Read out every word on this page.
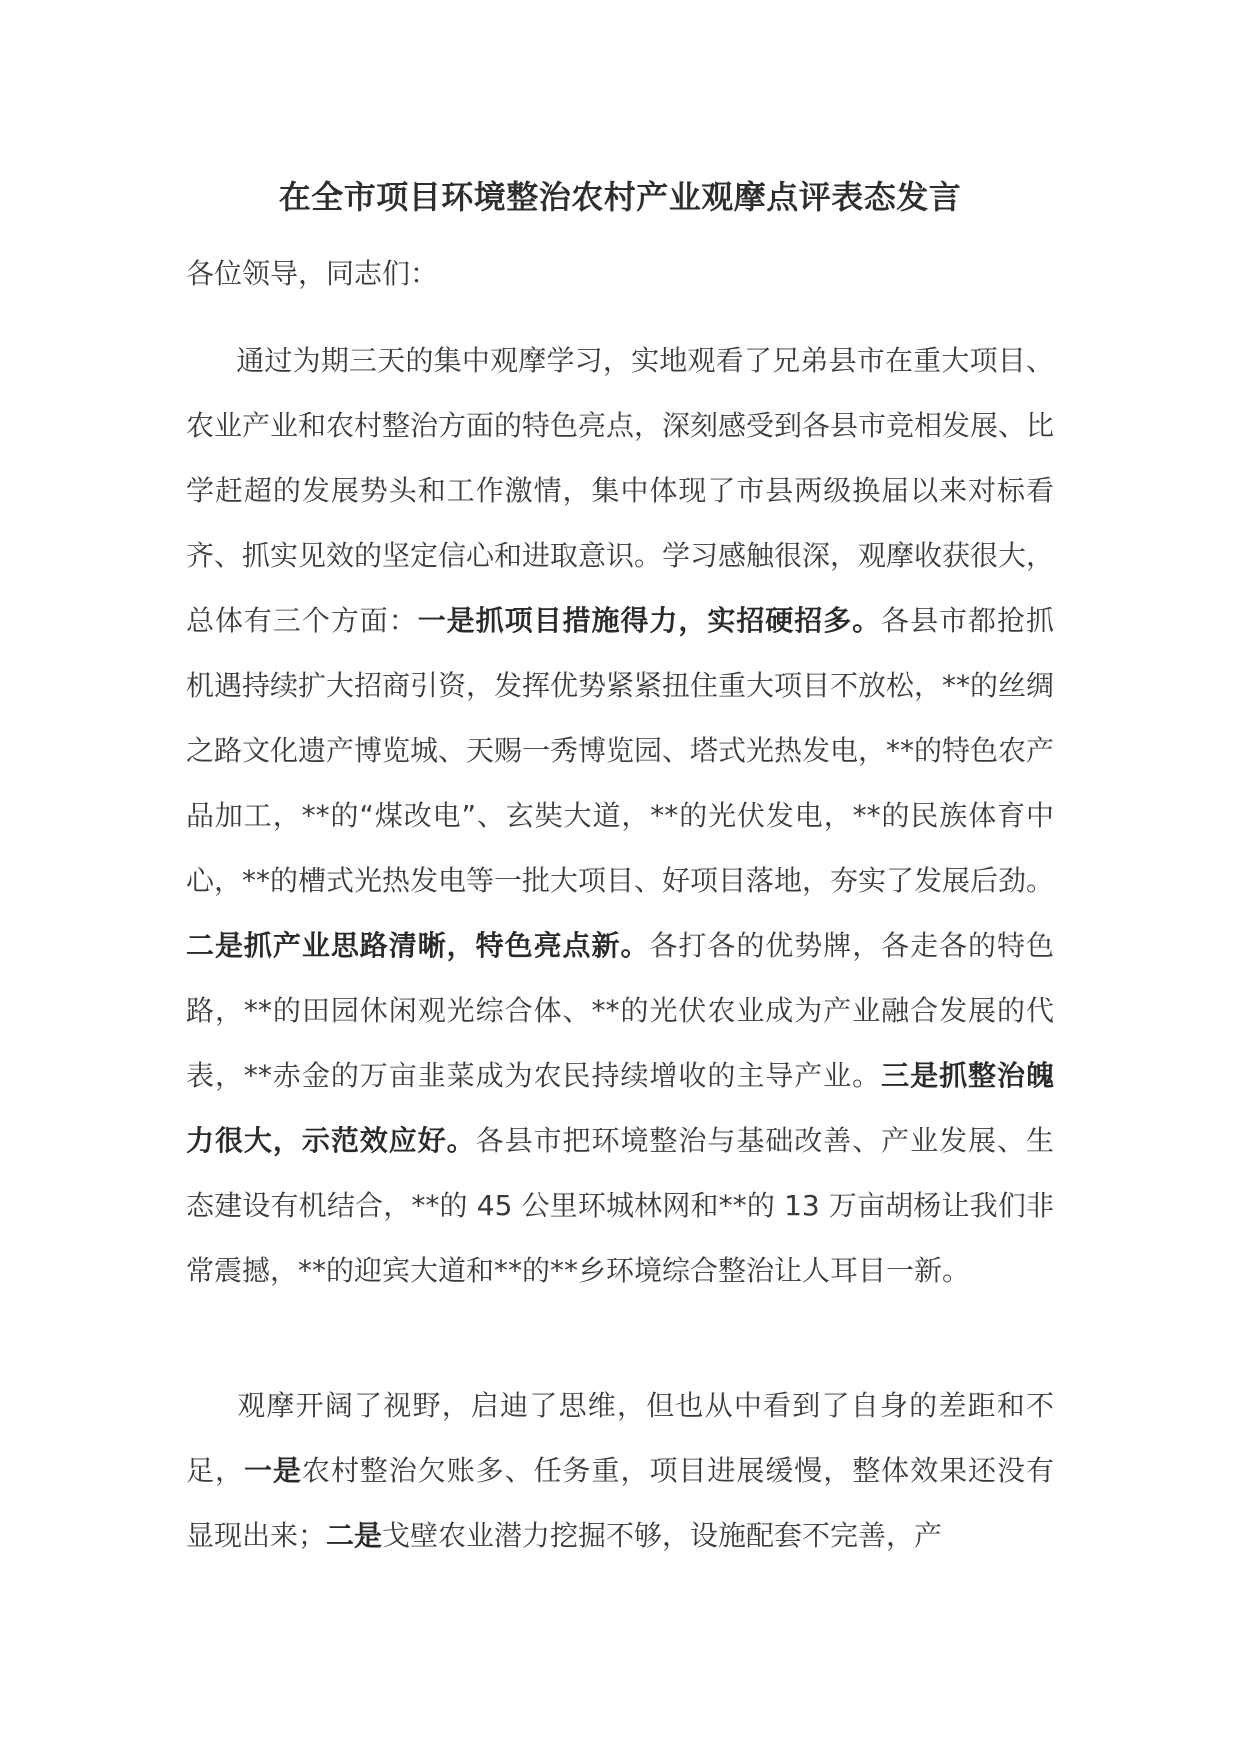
在全市项目环境整治农村产业观摩点评表态发言
各位领导，同志们：
通过为期三天的集中观摩学习，实地观看了兄弟县市在重大项目、农业产业和农村整治方面的特色亮点，深刻感受到各县市竞相发展、比学赶超的发展势头和工作激情，集中体现了市县两级换届以来对标看齐、抓实见效的坚定信心和进取意识。学习感触很深，观摩收获很大，总体有三个方面：一是抓项目措施得力，实招硬招多。各县市都抢抓机遇持续扩大招商引资，发挥优势紧紧扭住重大项目不放松，**的丝绸之路文化遗产博览城、天赐一秀博览园、塔式光热发电，**的特色农产品加工，**的“煤改电”、玄奘大道，**的光伏发电，**的民族体育中心，**的槽式光热发电等一批大项目、好项目落地，夯实了发展后劲。二是抓产业思路清晰，特色亮点新。各打各的优势牌，各走各的特色路，**的田园休闲观光综合体、**的光伏农业成为产业融合发展的代表，**赤金的万亩韭菜成为农民持续增收的主导产业。三是抓整治魄力很大，示范效应好。各县市把环境整治与基础改善、产业发展、生态建设有机结合，**的 45 公里环城林网和**的 13 万亩胡杨让我们非常震撼，**的迎宾大道和**的**乡环境综合整治让人耳目一新。
观摩开阔了视野，启迪了思维，但也从中看到了自身的差距和不足，一是农村整治欠账多、任务重，项目进展缓慢，整体效果还没有显现出来；二是戈壁农业潜力挖掘不够，设施配套不完善，产
